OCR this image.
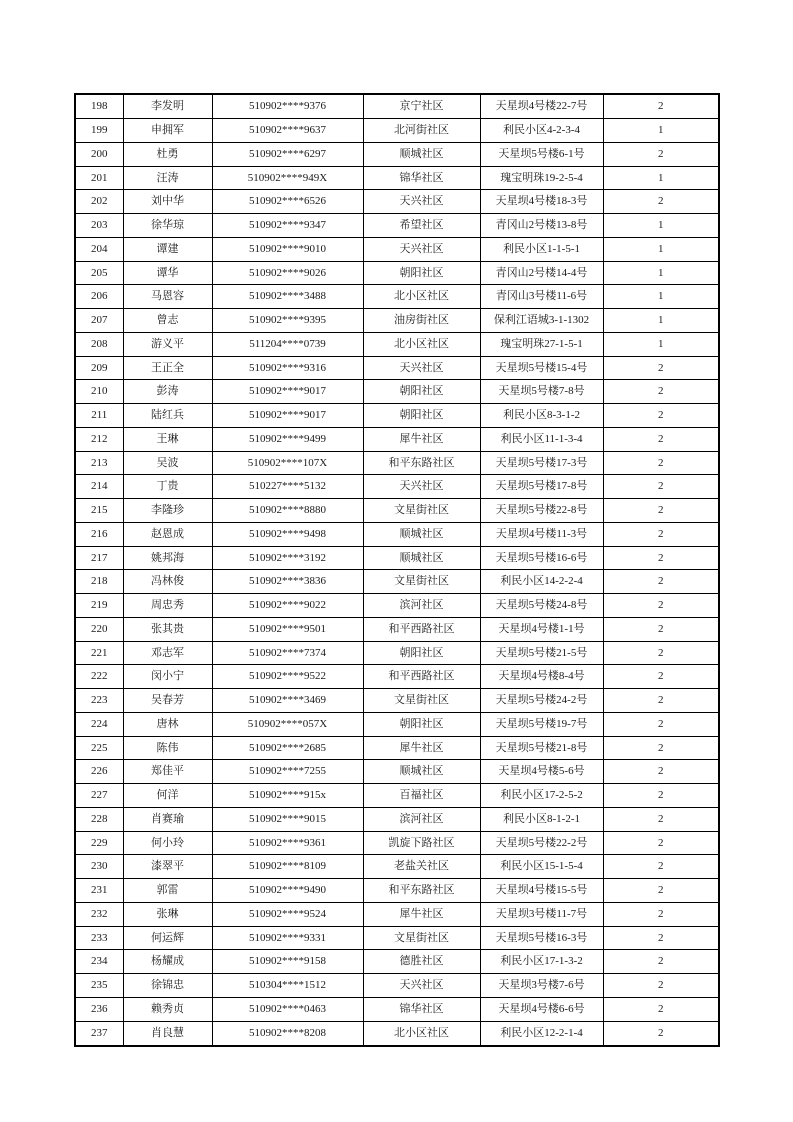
198	李发明	510902****9376	京宁社区	天星坝4号楼22-7号	2
199	申拥军	510902****9637	北河街社区	利民小区4-2-3-4	1
200	杜勇	510902****6297	顺城社区	天星坝5号楼6-1号	2
201	汪涛	510902****949X	锦华社区	瑰宝明珠19-2-5-4	1
202	刘中华	510902****6526	天兴社区	天星坝4号楼18-3号	2
203	徐华琼	510902****9347	希望社区	青冈山2号楼13-8号	1
204	谭建	510902****9010	天兴社区	利民小区1-1-5-1	1
205	谭华	510902****9026	朝阳社区	青冈山2号楼14-4号	1
206	马恩容	510902****3488	北小区社区	青冈山3号楼11-6号	1
207	曾志	510902****9395	油房街社区	保利江语城3-1-1302	1
208	游义平	511204****0739	北小区社区	瑰宝明珠27-1-5-1	1
209	王正全	510902****9316	天兴社区	天星坝5号楼15-4号	2
210	彭涛	510902****9017	朝阳社区	天星坝5号楼7-8号	2
211	陆红兵	510902****9017	朝阳社区	利民小区8-3-1-2	2
212	王琳	510902****9499	犀牛社区	利民小区11-1-3-4	2
213	吴波	510902****107X	和平东路社区	天星坝5号楼17-3号	2
214	丁贵	510227****5132	天兴社区	天星坝5号楼17-8号	2
215	李隆珍	510902****8880	文星街社区	天星坝5号楼22-8号	2
216	赵恩成	510902****9498	顺城社区	天星坝4号楼11-3号	2
217	姚邦海	510902****3192	顺城社区	天星坝5号楼16-6号	2
218	冯林俊	510902****3836	文星街社区	利民小区14-2-2-4	2
219	周忠秀	510902****9022	滨河社区	天星坝5号楼24-8号	2
220	张其贵	510902****9501	和平西路社区	天星坝4号楼1-1号	2
221	邓志军	510902****7374	朝阳社区	天星坝5号楼21-5号	2
222	闵小宁	510902****9522	和平西路社区	天星坝4号楼8-4号	2
223	吴春芳	510902****3469	文星街社区	天星坝5号楼24-2号	2
224	唐林	510902****057X	朝阳社区	天星坝5号楼19-7号	2
225	陈伟	510902****2685	犀牛社区	天星坝5号楼21-8号	2
226	郑佳平	510902****7255	顺城社区	天星坝4号楼5-6号	2
227	何洋	510902****915x	百福社区	利民小区17-2-5-2	2
228	肖赛瑜	510902****9015	滨河社区	利民小区8-1-2-1	2
229	何小玲	510902****9361	凯旋下路社区	天星坝5号楼22-2号	2
230	漆翠平	510902****8109	老盐关社区	利民小区15-1-5-4	2
231	郭雷	510902****9490	和平东路社区	天星坝4号楼15-5号	2
232	张琳	510902****9524	犀牛社区	天星坝3号楼11-7号	2
233	何运辉	510902****9331	文星街社区	天星坝5号楼16-3号	2
234	杨耀成	510902****9158	德胜社区	利民小区17-1-3-2	2
235	徐锦忠	510304****1512	天兴社区	天星坝3号楼7-6号	2
236	赖秀贞	510902****0463	锦华社区	天星坝4号楼6-6号	2
237	肖良慧	510902****8208	北小区社区	利民小区12-2-1-4	2
